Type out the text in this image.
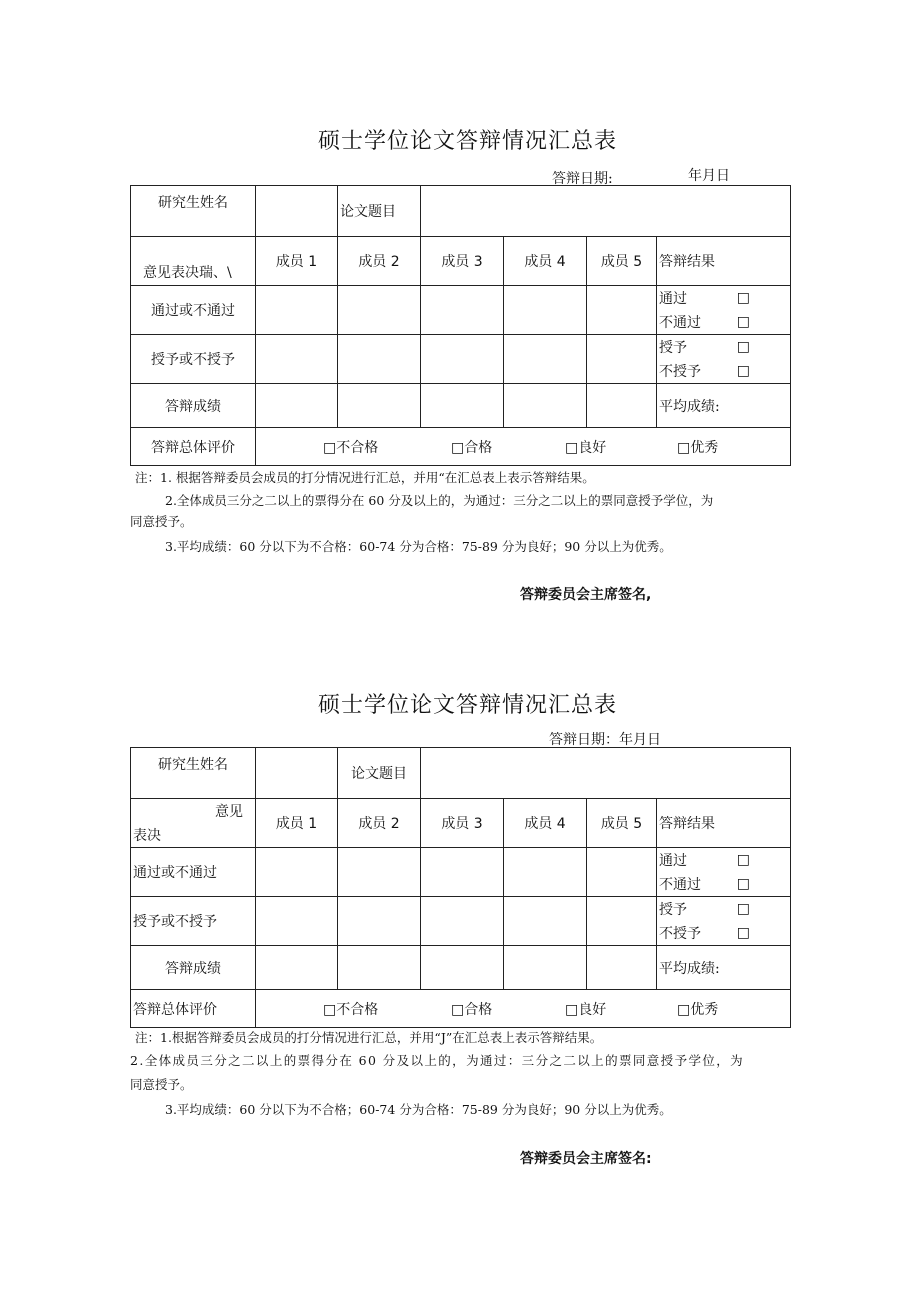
硕士学位论文答辩情况汇总表
答辩日期:	年月日
研究生姓名		论文题目				
意见表决瑞、\	成员 1	成员 2	成员 3	成员 4	成员 5	答辩结果
通过或不通过						通过 □
不通过 □

授予或不授予						授予 □
不授予 □

答辩成绩						平均成绩:
答辩总体评价	□不合格 □合格 □良好 □优秀					
注：1. 根据答辩委员会成员的打分情况进行汇总，并用“在汇总表上表示答辩结果。
2.全体成员三分之二以上的票得分在 60 分及以上的，为通过：三分之二以上的票同意授予学位，为
同意授予。
3.平均成绩：60 分以下为不合格：60-74 分为合格：75-89 分为良好；90 分以上为优秀。
答辩委员会主席签名,
硕士学位论文答辩情况汇总表
答辩日期：年月日
研究生姓名		论文题目				

意见
表决	成员 1	成员 2	成员 3	成员 4	成员 5	答辩结果
通过或不通过						通过 □
不通过 □

授予或不授予						授予 □
不授予 □

答辩成绩						平均成绩:
答辩总体评价	□不合格 □合格 □良好 □优秀					
注：1.根据答辩委员会成员的打分情况进行汇总，并用“J”在汇总表上表示答辩结果。
2.全体成员三分之二以上的票得分在 60 分及以上的，为通过：三分之二以上的票同意授予学位，为
同意授予。
3.平均成绩：60 分以下为不合格；60-74 分为合格：75-89 分为良好；90 分以上为优秀。
答辩委员会主席签名:
